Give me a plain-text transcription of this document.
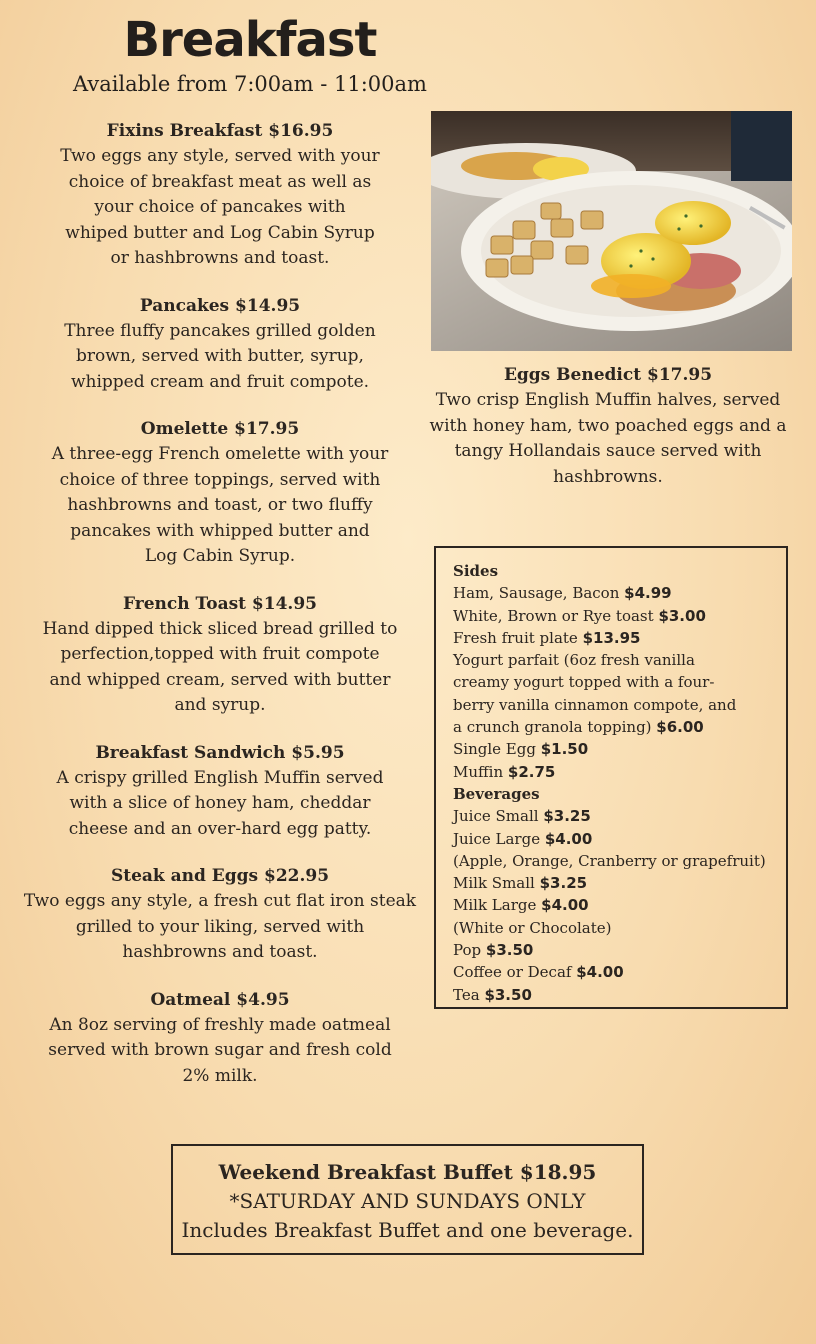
Breakfast
Available from 7:00am - 11:00am
Fixins Breakfast $16.95
Two eggs any style, served with your
choice of breakfast meat as well as
your choice of pancakes with
whiped butter and Log Cabin Syrup
or hashbrowns and toast.
Pancakes $14.95
Three fluffy pancakes grilled golden
brown, served with butter, syrup,
whipped cream and fruit compote.
Omelette $17.95
A three-egg French omelette with your
choice of three toppings, served with
hashbrowns and toast, or two fluffy
pancakes with whipped butter and
Log Cabin Syrup.
French Toast $14.95
Hand dipped thick sliced bread grilled to
perfection,topped with fruit compote
and whipped cream, served with butter
and syrup.
Breakfast Sandwich $5.95
A crispy grilled English Muffin served
with a slice of honey ham, cheddar
cheese and an over-hard egg patty.
Steak and Eggs $22.95
Two eggs any style, a fresh cut flat iron steak
grilled to your liking, served with
hashbrowns and toast.
Oatmeal $4.95
An 8oz serving of freshly made oatmeal
served with brown sugar and fresh cold
2% milk.
Eggs Benedict $17.95
Two crisp English Muffin halves, served
with honey ham, two poached eggs and a
tangy Hollandais sauce served with
hashbrowns.
Sides
Ham, Sausage, Bacon $4.99
White, Brown or Rye toast $3.00
Fresh fruit plate $13.95
Yogurt parfait (6oz fresh vanilla
creamy yogurt topped with a four-
berry vanilla cinnamon compote, and
a crunch granola topping) $6.00
Single Egg $1.50
Muffin $2.75
Beverages
Juice Small $3.25
Juice Large $4.00
(Apple, Orange, Cranberry or grapefruit)
Milk Small $3.25
Milk Large $4.00
(White or Chocolate)
Pop $3.50
Coffee or Decaf $4.00
Tea $3.50
Weekend Breakfast Buffet $18.95
*SATURDAY AND SUNDAYS ONLY
Includes Breakfast Buffet and one beverage.
